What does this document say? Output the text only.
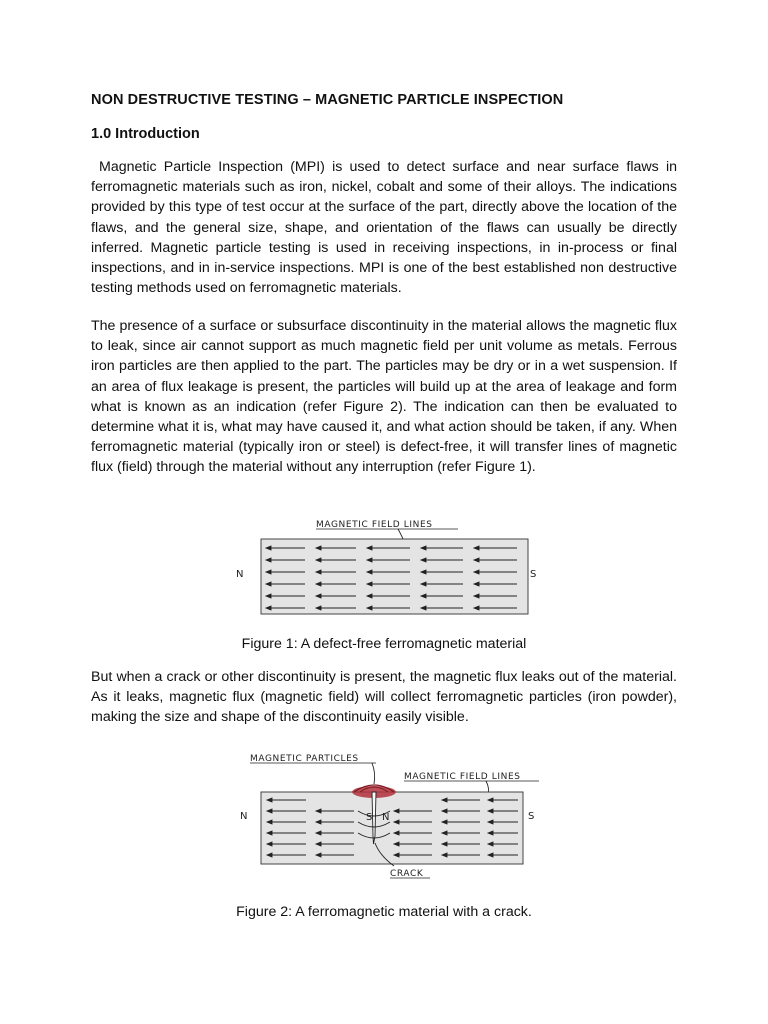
NON DESTRUCTIVE TESTING – MAGNETIC PARTICLE INSPECTION
1.0 Introduction

Magnetic Particle Inspection (MPI) is used to detect surface and near surface flaws in ferromagnetic materials such as iron, nickel, cobalt and some of their alloys. The indications provided by this type of test occur at the surface of the part, directly above the location of the flaws, and the general size, shape, and orientation of the flaws can usually be directly inferred. Magnetic particle testing is used in receiving inspections, in in-process or final inspections, and in in-service inspections. MPI is one of the best established non destructive testing methods used on ferromagnetic materials.

The presence of a surface or subsurface discontinuity in the material allows the magnetic flux to leak, since air cannot support as much magnetic field per unit volume as metals. Ferrous iron particles are then applied to the part. The particles may be dry or in a wet suspension. If an area of flux leakage is present, the particles will build up at the area of leakage and form what is known as an indication (refer Figure 2). The indication can then be evaluated to determine what it is, what may have caused it, and what action should be taken, if any. When ferromagnetic material (typically iron or steel) is defect-free, it will transfer lines of magnetic flux (field) through the material without any interruption (refer Figure 1).

MAGNETIC FIELD LINES
N	S
Figure 1: A defect-free ferromagnetic material

But when a crack or other discontinuity is present, the magnetic flux leaks out of the material. As it leaks, magnetic flux (magnetic field) will collect ferromagnetic particles (iron powder), making the size and shape of the discontinuity easily visible.

MAGNETIC PARTICLES
MAGNETIC FIELD LINES
S N
N	S
CRACK
Figure 2: A ferromagnetic material with a crack.
